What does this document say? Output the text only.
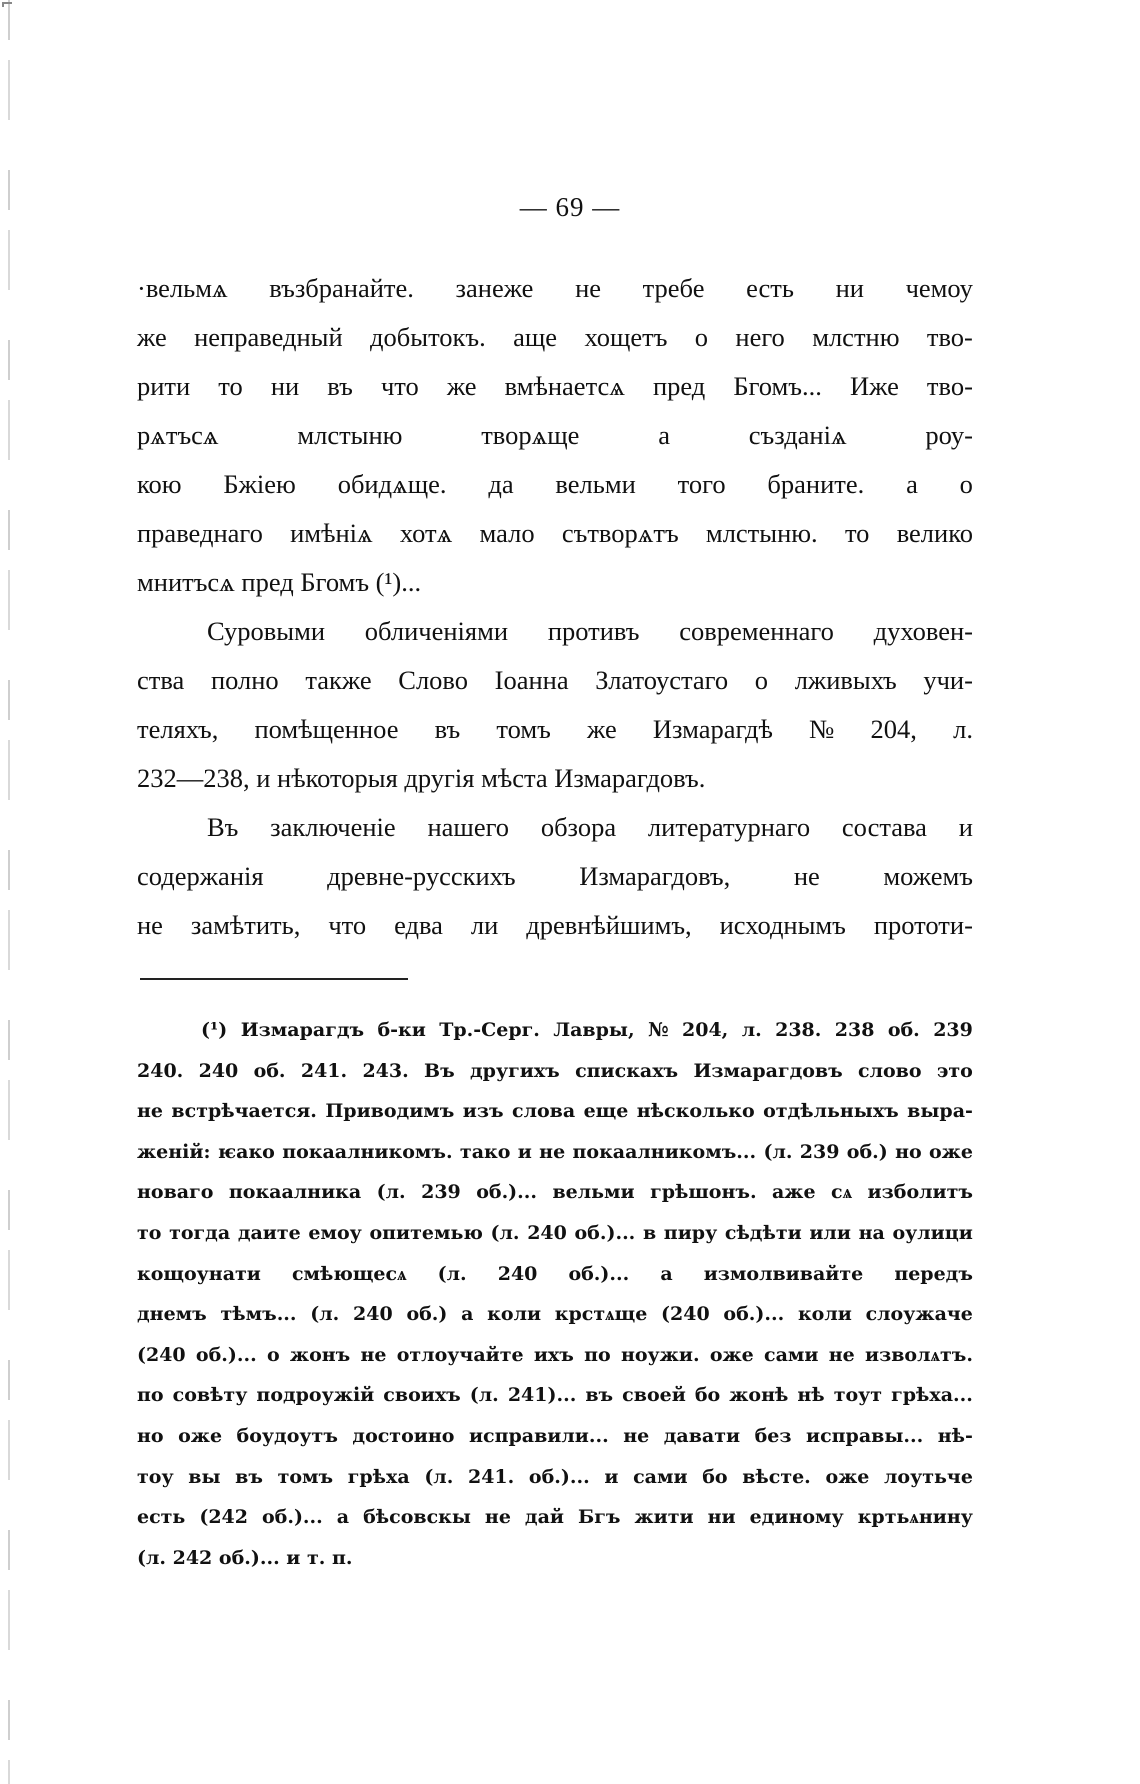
— 69 —
·вельмѧ възбранайте. занеже не требе есть ни чемоу
же неправедный добытокъ. аще хощетъ о него млстню тво-
рити то ни въ что же вмѣнаетсѧ пред Бгомъ... Иже тво-
рѧтъсѧ	млстыню	творѧще	а	създаніѧ	роу-
кою Бжіею обидѧще. да вельми того браните. а о
праведнаго имѣніѧ хотѧ мало сътворѧтъ млстыню. то велико
мнитъсѧ пред Бгомъ (¹)...
Суровыми обличеніями противъ современнаго духовен-
ства полно также Слово Іоанна Златоустаго о лживыхъ учи-
теляхъ, помѣщенное въ томъ же Измарагдѣ № 204, л.
232—238, и нѣкоторыя другія мѣста Измарагдовъ.
Въ заключеніе нашего обзора литературнаго состава и
содержанія древне-русскихъ Измарагдовъ, не можемъ
не замѣтить, что едва ли древнѣйшимъ, исходнымъ прототи-
(¹) Измарагдъ б-ки Тр.-Серг. Лавры, № 204, л. 238. 238 об. 239
240. 240 об. 241. 243. Въ другихъ спискахъ Измарагдовъ слово это
не встрѣчается. Приводимъ изъ слова еще нѣсколько отдѣльныхъ выра-
женій: ѥако покаалникомъ. тако и не покаалникомъ... (л. 239 об.) но оже
новаго покаалника (л. 239 об.)... вельми грѣшонъ. аже сѧ изболитъ
то тогда даите емоу опитемью (л. 240 об.)... в пиру сѣдѣти или на оулици
кощоунати смѣющесѧ (л. 240 об.)... а измолвивайте передъ
днемъ тѣмъ... (л. 240 об.) а коли крстѧще (240 об.)... коли слоужаче
(240 об.)... о жонъ не отлоучайте ихъ по ноужи. оже сами не изволѧтъ.
по совѣту подроужій своихъ (л. 241)... въ своей бо жонѣ нѣ тоут грѣха...
но оже боудоутъ достоино исправили... не давати без исправы... нѣ-
тоу вы въ томъ грѣха (л. 241. об.)... и сами бо вѣсте. оже лоутьче
есть (242 об.)... а бѣсовскы не дай Бгъ жити ни единому кртьѧнину
(л. 242 об.)... и т. п.
